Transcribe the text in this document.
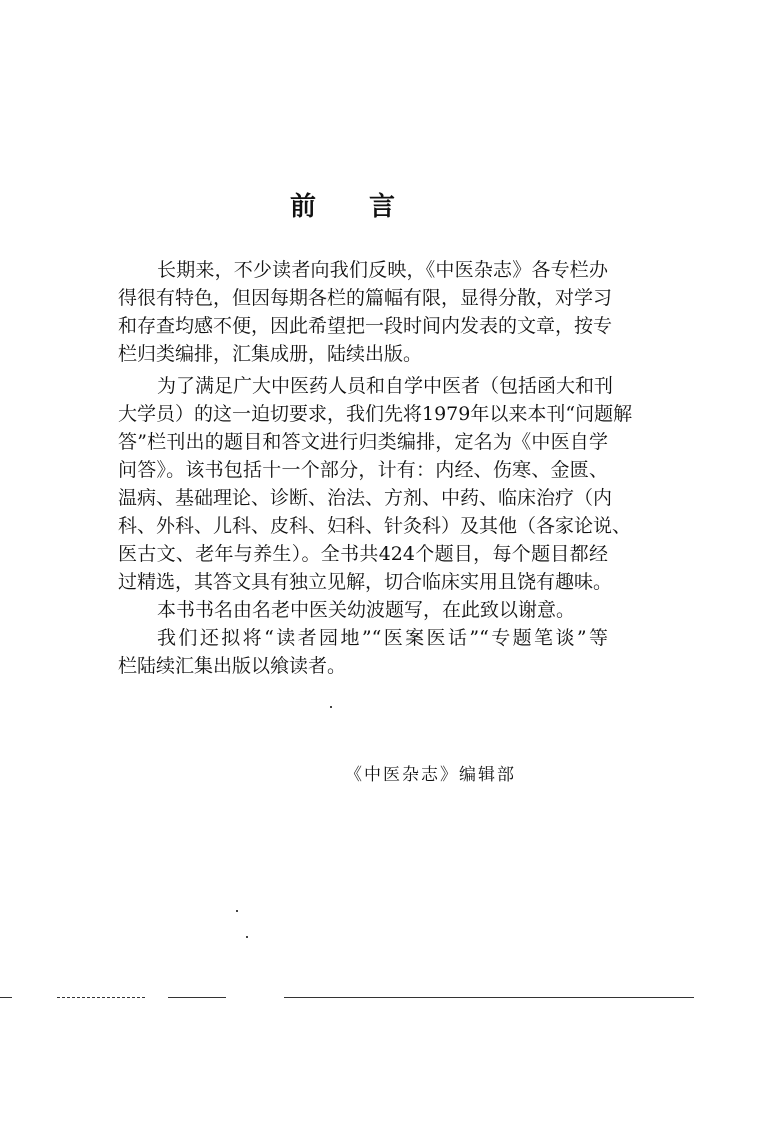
前 言
长期来，不少读者向我们反映，《中医杂志》各专栏办
得很有特色，但因每期各栏的篇幅有限，显得分散，对学习
和存查均感不便，因此希望把一段时间内发表的文章，按专
栏归类编排，汇集成册，陆续出版。
为了满足广大中医药人员和自学中医者（包括函大和刊
大学员）的这一迫切要求，我们先将1979年以来本刊“问题解
答”栏刊出的题目和答文进行归类编排，定名为《中医自学
问答》。该书包括十一个部分，计有：内经、伤寒、金匮、
温病、基础理论、诊断、治法、方剂、中药、临床治疗（内
科、外科、儿科、皮科、妇科、针灸科）及其他（各家论说、
医古文、老年与养生）。全书共424个题目，每个题目都经
过精选，其答文具有独立见解，切合临床实用且饶有趣味。
本书书名由名老中医关幼波题写，在此致以谢意。
我们还拟将“读者园地”“医案医话”“专题笔谈”等
栏陆续汇集出版以飨读者。
《中医杂志》编辑部
